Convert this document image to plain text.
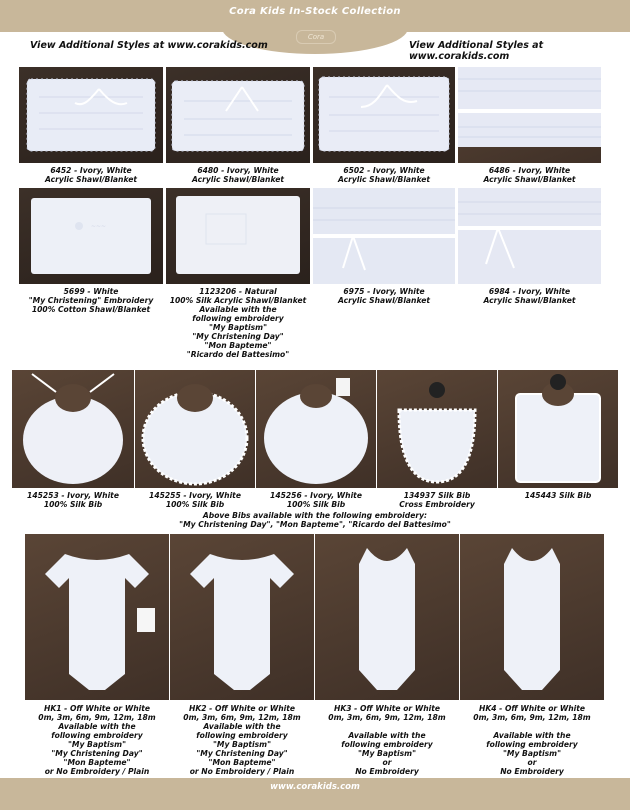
Cora Kids In-Stock Collection
Cora
View Additional Styles at www.corakids.com	View Additional Styles at www.corakids.com
6452 - Ivory, White
Acrylic Shawl/Blanket
6480 - Ivory, White
Acrylic Shawl/Blanket
6502 - Ivory, White
Acrylic Shawl/Blanket
6486 - Ivory, White
Acrylic Shawl/Blanket
~~~
5699 - White
"My Christening" Embroidery
100% Cotton Shawl/Blanket
1123206 - Natural
100% Silk Acrylic Shawl/Blanket
Available with the
following embroidery
"My Baptism"
"My Christening Day"
"Mon Bapteme"
"Ricardo del Battesimo"
6975 - Ivory, White
Acrylic Shawl/Blanket
6984 - Ivory, White
Acrylic Shawl/Blanket
145253 - Ivory, White
100% Silk Bib
145255 - Ivory, White
100% Silk Bib
145256 - Ivory, White
100% Silk Bib
134937 Silk Bib
Cross Embroidery
145443 Silk Bib
Above Bibs available with the following embroidery:
"My Christening Day", "Mon Bapteme", "Ricardo del Battesimo"
HK1 - Off White or White
0m, 3m, 6m, 9m, 12m, 18m
Available with the
following embroidery
"My Baptism"
"My Christening Day"
"Mon Bapteme"
or No Embroidery / Plain
HK2 - Off White or White
0m, 3m, 6m, 9m, 12m, 18m
Available with the
following embroidery
"My Baptism"
"My Christening Day"
"Mon Bapteme"
or No Embroidery / Plain
HK3 - Off White or White
0m, 3m, 6m, 9m, 12m, 18m
Available with the
following embroidery
"My Baptism"
or
No Embroidery
HK4 - Off White or White
0m, 3m, 6m, 9m, 12m, 18m
Available with the
following embroidery
"My Baptism"
or
No Embroidery
50
www.corakids.com
